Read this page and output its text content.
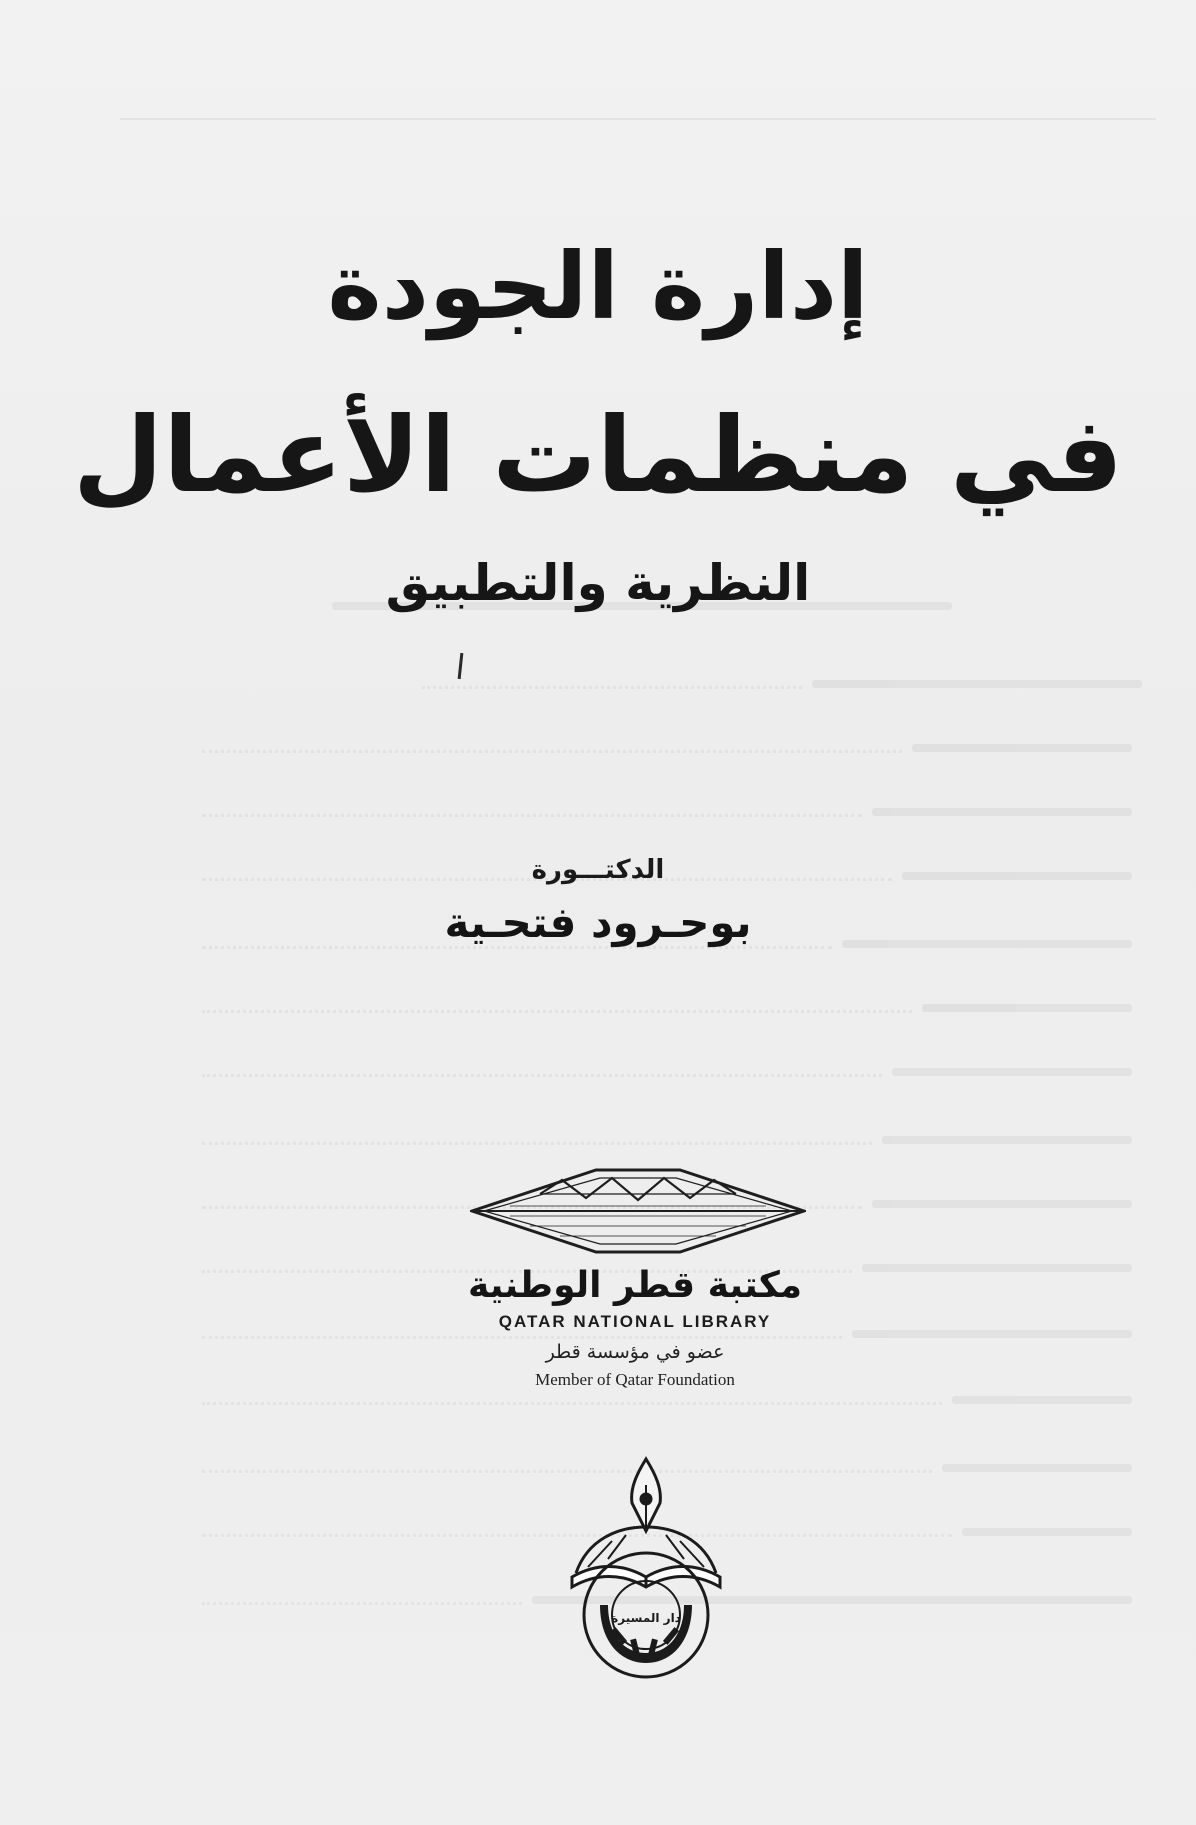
إدارة الجودة
في منظمات الأعمال
النظرية والتطبيق
الدكتـــورة
بوحـرود فتحـية
مكتبة قطر الوطنية
QATAR NATIONAL LIBRARY
عضو في مؤسسة قطر
Member of Qatar Foundation
دار المسيرة
